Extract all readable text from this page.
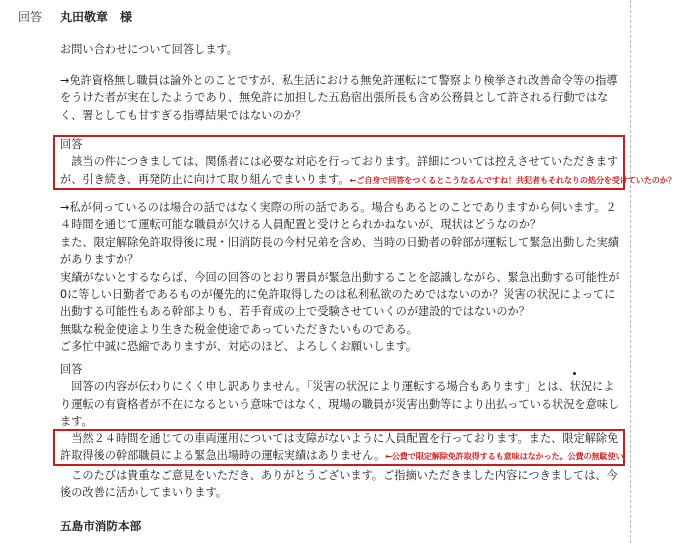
回答 丸田敬章　様

お問い合わせについて回答します。

→免許資格無し職員は論外とのことですが、私生活における無免許運転にて警察より検挙され改善命令等の指導

をうけた者が実在したようであり、無免許に加担した五島宿出張所長も含め公務員として許される行動ではな

く、署としても甘すぎる指導結果ではないのか？

回答

　該当の件につきましては、関係者には必要な対応を行っております。詳細については控えさせていただきます

が、引き続き、再発防止に向けて取り組んでまいります。←ご自身で回答をつくるとこうなるんですね！共犯者もそれなりの処分を受けていたのか？

→私が伺っているのは場合の話ではなく実際の所の話である。場合もあるとのことでありますから伺います。２

４時間を通じて運転可能な職員が欠ける人員配置と受けとられかねないが、現状はどうなのか？

また、限定解除免許取得後に現・旧消防長の今村兄弟を含め、当時の日勤者の幹部が運転して緊急出動した実績

がありますか？

実績がないとするならば、今回の回答のとおり署員が緊急出動することを認識しながら、緊急出動する可能性が

0に等しい日勤者であるものが優先的に免許取得したのは私利私欲のためではないのか？災害の状況によってに

出動する可能性もある幹部よりも、若手育成の上で受験させていくのが建設的ではないのか？

無駄な税金使途より生きた税金使途であっていただきたいものである。

ご多忙中誠に恐縮でありますが、対応のほど、よろしくお願いします。

回答

　回答の内容が伝わりにくく申し訳ありません。「災害の状況により運転する場合もあります」とは、状況によ

り運転の有資格者が不在になるという意味ではなく、現場の職員が災害出動等により出払っている状況を意味し

ます。

　当然２４時間を通じての車両運用については支障がないように人員配置を行っております。また、限定解除免

許取得後の幹部職員による緊急出場時の運転実績はありません。←公費で限定解除免許取得するも意味はなかった。公費の無駄使い

　このたびは貴重なご意見をいただき、ありがとうございます。ご指摘いただきました内容につきましては、今

後の改善に活かしてまいります。

五島市消防本部
